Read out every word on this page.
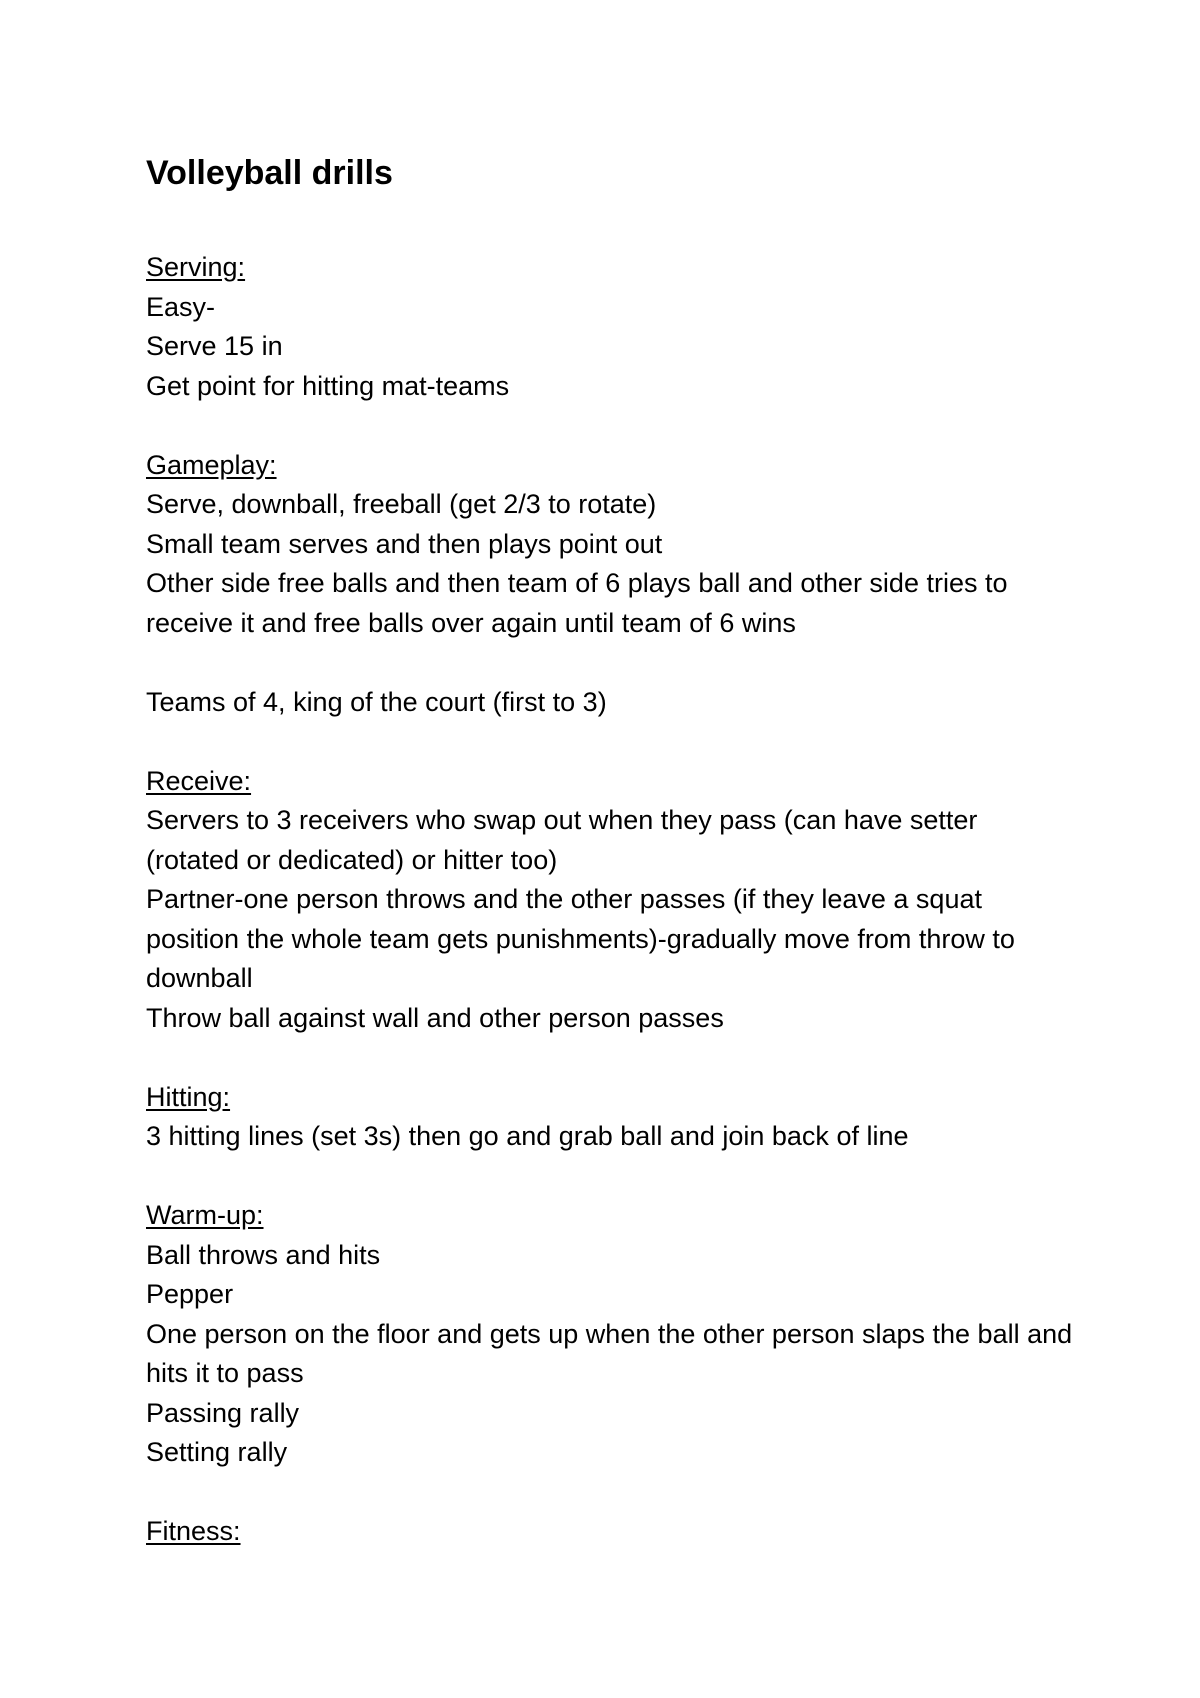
Volleyball drills
Serving:
Easy-
Serve 15 in
Get point for hitting mat-teams
Gameplay:
Serve, downball, freeball (get 2/3 to rotate)
Small team serves and then plays point out
Other side free balls and then team of 6 plays ball and other side tries to receive it and free balls over again until team of 6 wins
Teams of 4, king of the court (first to 3)
Receive:
Servers to 3 receivers who swap out when they pass (can have setter (rotated or dedicated) or hitter too)
Partner-one person throws and the other passes (if they leave a squat position the whole team gets punishments)-gradually move from throw to downball
Throw ball against wall and other person passes
Hitting:
3 hitting lines (set 3s) then go and grab ball and join back of line
Warm-up:
Ball throws and hits
Pepper
One person on the floor and gets up when the other person slaps the ball and hits it to pass
Passing rally
Setting rally
Fitness:
